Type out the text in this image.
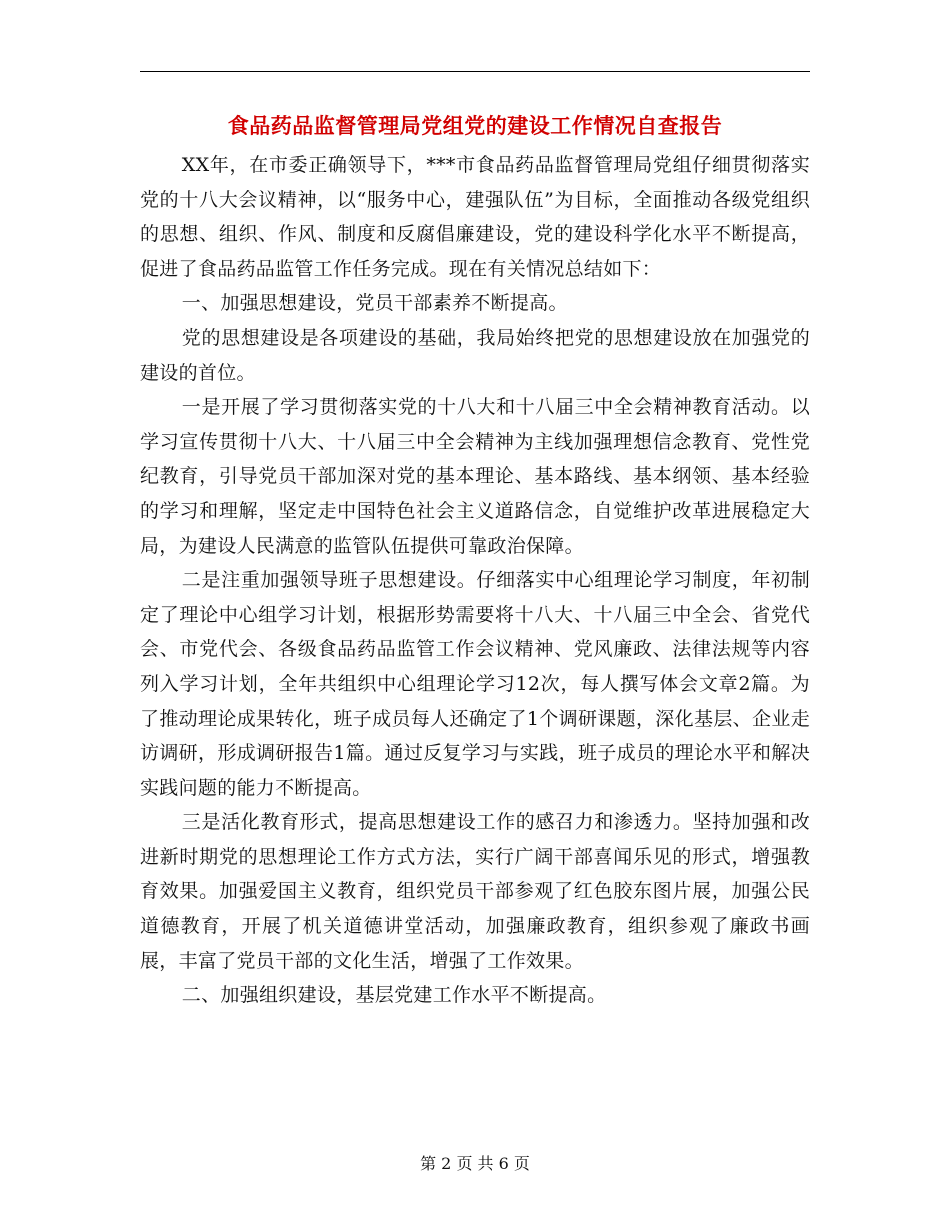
食品药品监督管理局党组党的建设工作情况自查报告

XX年，在市委正确领导下，***市食品药品监督管理局党组仔细贯彻落实党的十八大会议精神，以“服务中心，建强队伍”为目标，全面推动各级党组织的思想、组织、作风、制度和反腐倡廉建设，党的建设科学化水平不断提高，促进了食品药品监管工作任务完成。现在有关情况总结如下：

一、加强思想建设，党员干部素养不断提高。

党的思想建设是各项建设的基础，我局始终把党的思想建设放在加强党的建设的首位。

一是开展了学习贯彻落实党的十八大和十八届三中全会精神教育活动。以学习宣传贯彻十八大、十八届三中全会精神为主线加强理想信念教育、党性党纪教育，引导党员干部加深对党的基本理论、基本路线、基本纲领、基本经验的学习和理解，坚定走中国特色社会主义道路信念，自觉维护改革进展稳定大局，为建设人民满意的监管队伍提供可靠政治保障。

二是注重加强领导班子思想建设。仔细落实中心组理论学习制度，年初制定了理论中心组学习计划，根据形势需要将十八大、十八届三中全会、省党代会、市党代会、各级食品药品监管工作会议精神、党风廉政、法律法规等内容列入学习计划，全年共组织中心组理论学习12次，每人撰写体会文章2篇。为了推动理论成果转化，班子成员每人还确定了1个调研课题，深化基层、企业走访调研，形成调研报告1篇。通过反复学习与实践，班子成员的理论水平和解决实践问题的能力不断提高。

三是活化教育形式，提高思想建设工作的感召力和渗透力。坚持加强和改进新时期党的思想理论工作方式方法，实行广阔干部喜闻乐见的形式，增强教育效果。加强爱国主义教育，组织党员干部参观了红色胶东图片展，加强公民道德教育，开展了机关道德讲堂活动，加强廉政教育，组织参观了廉政书画展，丰富了党员干部的文化生活，增强了工作效果。

二、加强组织建设，基层党建工作水平不断提高。

第 2 页 共 6 页
